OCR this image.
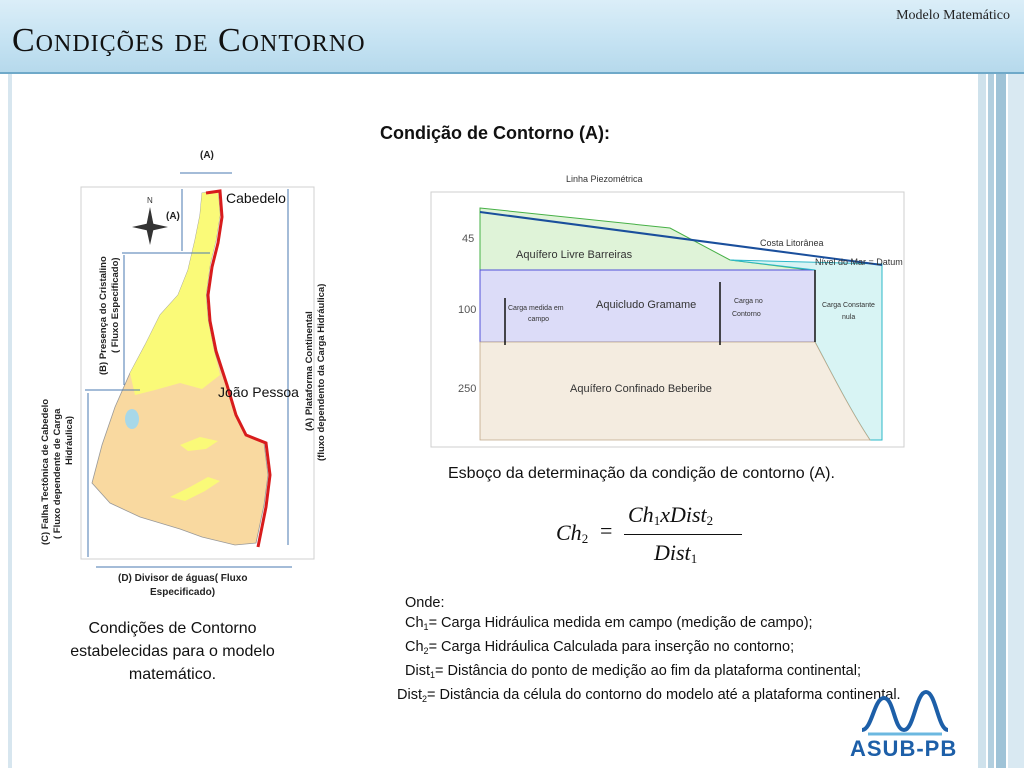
Condições de Contorno
Modelo Matemático
Condição de Contorno (A):
N
(A)
(A)
(D) Divisor de águas( Fluxo
Especificado)
(C) Falha Tectônica de Cabedelo ( Fluxo dependente de Carga Hidráulica)
(B) Presença do Cristalino ( Fluxo Especificado)
(A) Plataforma Continental (fluxo dependento da Carga Hidráulica)
Cabedelo
João Pessoa
Condições de Contorno estabelecidas para o modelo matemático.
45
100
250
Linha Piezométrica
Costa Litorânea
Nível do Mar = Datum
Aquífero Livre Barreiras
Aquicludo Gramame
Aquífero Confinado Beberibe
Carga medida em
campo
Carga no
Contorno
Carga Constante
nula
Esboço da determinação da condição de contorno (A).
$Ch_2$ =
$Ch_1xDist_2$
Dist$_1$
Onde:
$Ch_1=$ Carga Hidráulica medida em campo (medição de campo);
$Ch_2=$ Carga Hidráulica Calculada para inserção no contorno;
Dist$_1$= Distância do ponto de medição ao fim da plataforma continental;
Dist$_2$= Distância da célula do contorno do modelo até a plataforma continental.
ASUB-PB
